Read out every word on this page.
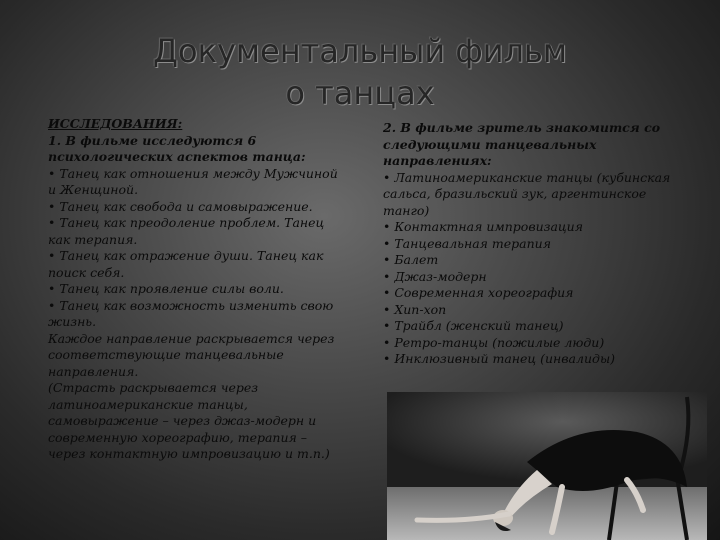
Документальный фильм
о танцах

ИССЛЕДОВАНИЯ:

1. В фильме исследуются 6 психологических аспектов танца:

• Танец как отношения между Мужчиной и Женщиной.

• Танец как свобода и самовыражение.

• Танец как преодоление проблем. Танец как терапия.

• Танец как отражение души. Танец как поиск себя.

• Танец как проявление силы воли.

• Танец как возможность изменить свою жизнь.

Каждое направление раскрывается через соответствующие танцевальные направления.

(Страсть раскрывается через латиноамериканские танцы, самовыражение – через джаз-модерн и современную хореографию, терапия – через контактную импровизацию и т.п.)

2. В фильме зритель знакомится со следующими танцевальных направлениях:

• Латиноамериканские танцы (кубинская сальса, бразильский зук, аргентинское танго)

• Контактная импровизация

• Танцевальная терапия

• Балет

• Джаз-модерн

• Современная хореография

• Хип-хоп

• Трайбл (женский танец)

• Ретро-танцы (пожилые люди)

• Инклюзивный танец (инвалиды)
